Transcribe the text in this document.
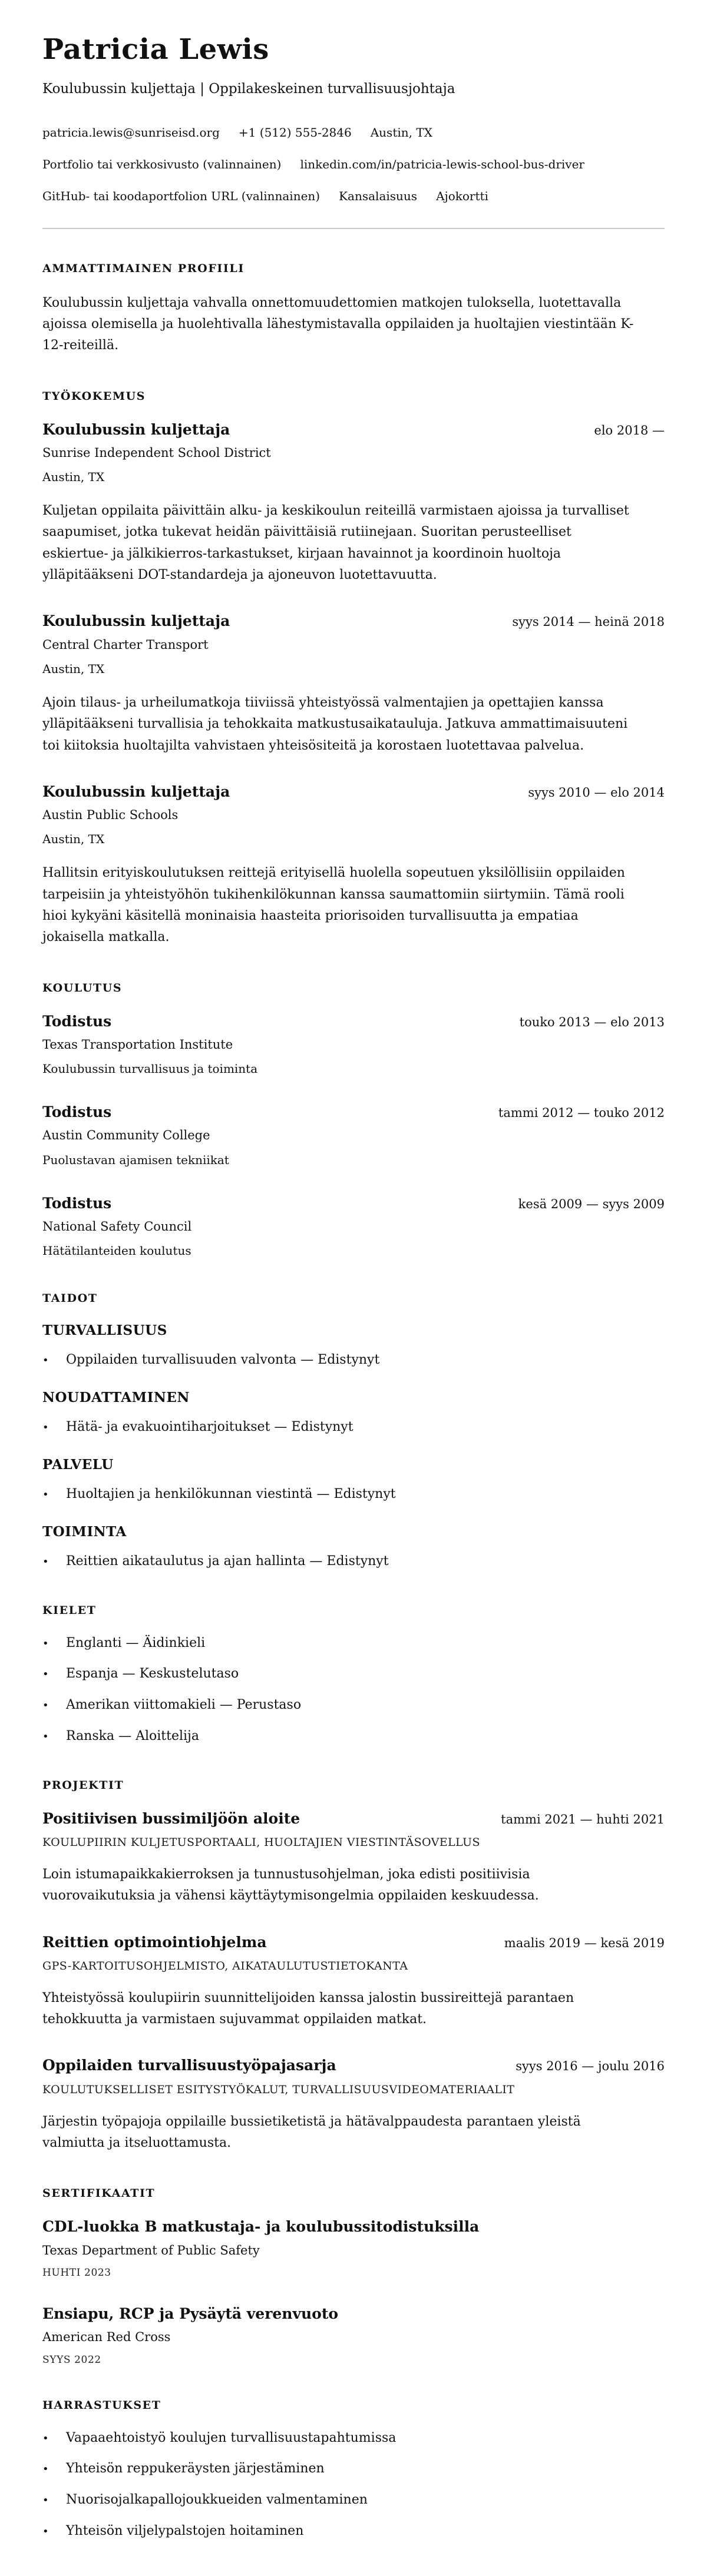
Patricia Lewis
Koulubussin kuljettaja | Oppilakeskeinen turvallisuusjohtaja
patricia.lewis@sunriseisd.org +1 (512) 555-2846 Austin, TX
Portfolio tai verkkosivusto (valinnainen) linkedin.com/in/patricia-lewis-school-bus-driver
GitHub- tai koodaportfolion URL (valinnainen) Kansalaisuus Ajokortti
AMMATTIMAINEN PROFIILI

Koulubussin kuljettaja vahvalla onnettomuudettomien matkojen tuloksella, luotettavalla ajoissa olemisella ja huolehtivalla lähestymistavalla oppilaiden ja huoltajien viestintään K-12-reiteillä.

TYÖKOKEMUS
Koulubussin kuljettaja	elo 2018 —
Sunrise Independent School District
Austin, TX

Kuljetan oppilaita päivittäin alku- ja keskikoulun reiteillä varmistaen ajoissa ja turvalliset saapumiset, jotka tukevat heidän päivittäisiä rutiinejaan. Suoritan perusteelliset eskiertue- ja jälkikierros-tarkastukset, kirjaan havainnot ja koordinoin huoltoja ylläpitääkseni DOT-standardeja ja ajoneuvon luotettavuutta.

Koulubussin kuljettaja	syys 2014 — heinä 2018
Central Charter Transport
Austin, TX

Ajoin tilaus- ja urheilumatkoja tiiviissä yhteistyössä valmentajien ja opettajien kanssa ylläpitääkseni turvallisia ja tehokkaita matkustusaikatauluja. Jatkuva ammattimaisuuteni toi kiitoksia huoltajilta vahvistaen yhteisösiteitä ja korostaen luotettavaa palvelua.

Koulubussin kuljettaja	syys 2010 — elo 2014
Austin Public Schools
Austin, TX

Hallitsin erityiskoulutuksen reittejä erityisellä huolella sopeutuen yksilöllisiin oppilaiden tarpeisiin ja yhteistyöhön tukihenkilökunnan kanssa saumattomiin siirtymiin. Tämä rooli hioi kykyäni käsitellä moninaisia haasteita priorisoiden turvallisuutta ja empatiaa jokaisella matkalla.

KOULUTUS
Todistus	touko 2013 — elo 2013
Texas Transportation Institute
Koulubussin turvallisuus ja toiminta
Todistus	tammi 2012 — touko 2012
Austin Community College
Puolustavan ajamisen tekniikat
Todistus	kesä 2009 — syys 2009
National Safety Council
Hätätilanteiden koulutus
TAIDOT
TURVALLISUUS
•	Oppilaiden turvallisuuden valvonta — Edistynyt
NOUDATTAMINEN
•	Hätä- ja evakuointiharjoitukset — Edistynyt
PALVELU
•	Huoltajien ja henkilökunnan viestintä — Edistynyt
TOIMINTA
•	Reittien aikataulutus ja ajan hallinta — Edistynyt
KIELET
•	Englanti — Äidinkieli
•	Espanja — Keskustelutaso
•	Amerikan viittomakieli — Perustaso
•	Ranska — Aloittelija
PROJEKTIT
Positiivisen bussimiljöön aloite	tammi 2021 — huhti 2021
KOULUPIIRIN KULJETUSPORTAALI, HUOLTAJIEN VIESTINTÄSOVELLUS

Loin istumapaikkakierroksen ja tunnustusohjelman, joka edisti positiivisia vuorovaikutuksia ja vähensi käyttäytymisongelmia oppilaiden keskuudessa.

Reittien optimointiohjelma	maalis 2019 — kesä 2019
GPS-KARTOITUSOHJELMISTO, AIKATAULUTUSTIETOKANTA

Yhteistyössä koulupiirin suunnittelijoiden kanssa jalostin bussireittejä parantaen tehokkuutta ja varmistaen sujuvammat oppilaiden matkat.

Oppilaiden turvallisuustyöpajasarja	syys 2016 — joulu 2016
KOULUTUKSELLISET ESITYSTYÖKALUT, TURVALLISUUSVIDEOMATERIAALIT

Järjestin työpajoja oppilaille bussietiketistä ja hätävalppaudesta parantaen yleistä valmiutta ja itseluottamusta.

SERTIFIKAATIT
CDL-luokka B matkustaja- ja koulubussitodistuksilla
Texas Department of Public Safety
HUHTI 2023
Ensiapu, RCP ja Pysäytä verenvuoto
American Red Cross
SYYS 2022
HARRASTUKSET
•	Vapaaehtoistyö koulujen turvallisuustapahtumissa
•	Yhteisön reppukeräysten järjestäminen
•	Nuorisojalkapallojoukkueiden valmentaminen
•	Yhteisön viljelypalstojen hoitaminen
